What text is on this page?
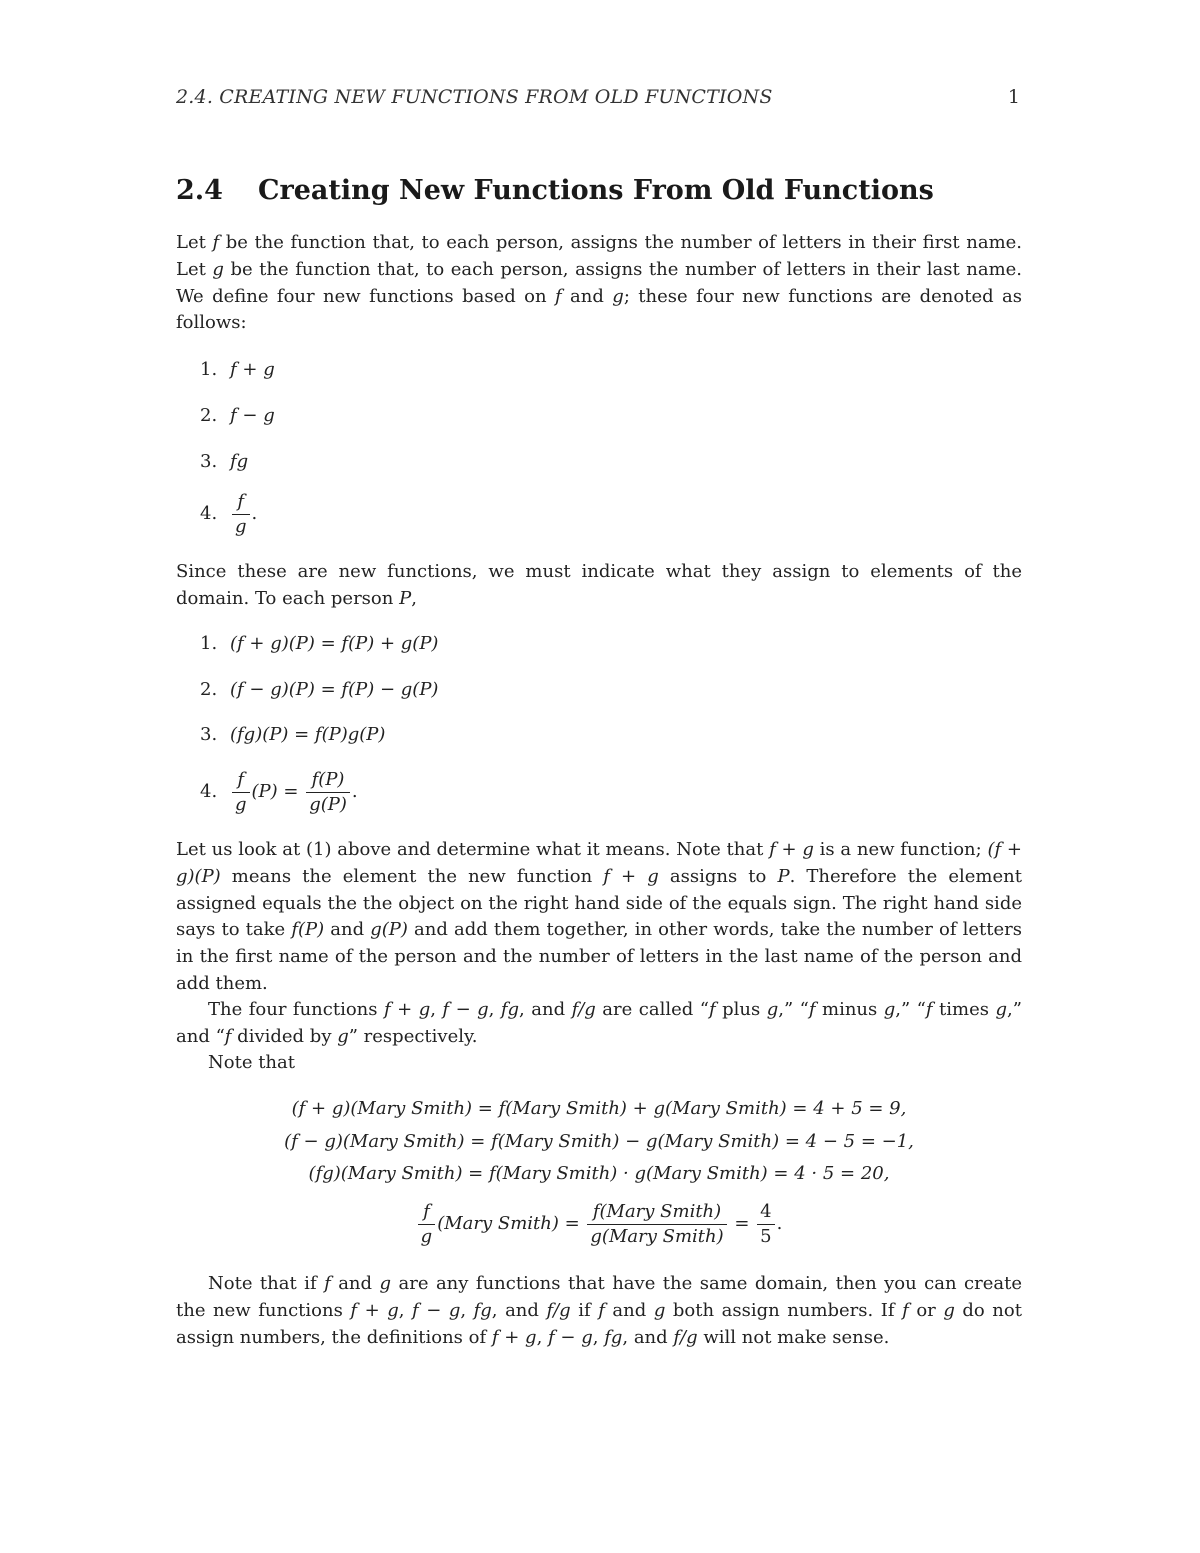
2.4. CREATING NEW FUNCTIONS FROM OLD FUNCTIONS	1
2.4 Creating New Functions From Old Functions
Let f be the function that, to each person, assigns the number of letters in their first name. Let g be the function that, to each person, assigns the number of letters in their last name. We define four new functions based on f and g; these four new functions are denoted as follows:
1. f + g
2. f − g
3. fg
4. $\frac{f}{g}$ .
Since these are new functions, we must indicate what they assign to elements of the domain. To each person P,
1. (f + g)(P) = f(P) + g(P)
2. (f − g)(P) = f(P) − g(P)
3. (fg)(P) = f(P)g(P)
4. $\frac{f}{g} (P) = \frac{f(P)}{g(P)}$ .
Let us look at (1) above and determine what it means. Note that f + g is a new function; (f + g)(P) means the element the new function f + g assigns to P. Therefore the element assigned equals the the object on the right hand side of the equals sign. The right hand side says to take f(P) and g(P) and add them together, in other words, take the number of letters in the first name of the person and the number of letters in the last name of the person and add them.
The four functions f + g, f − g, fg, and f/g are called “f plus g,” “f minus g,” “f times g,” and “f divided by g” respectively.
Note that
(f + g)(Mary Smith) = f(Mary Smith) + g(Mary Smith) = 4 + 5 = 9,
(f − g)(Mary Smith) = f(Mary Smith) − g(Mary Smith) = 4 − 5 = −1,
(fg)(Mary Smith) = f(Mary Smith) · g(Mary Smith) = 4 · 5 = 20,
$\frac{f}{g}$ (Mary Smith) = $\frac{\text{f(Mary Smith)}}{\text{g(Mary Smith)}} = \frac{4}{5}$ .
Note that if f and g are any functions that have the same domain, then you can create the new functions f + g, f − g, fg, and f/g if f and g both assign numbers. If f or g do not assign numbers, the definitions of f + g, f − g, fg, and f/g will not make sense.
